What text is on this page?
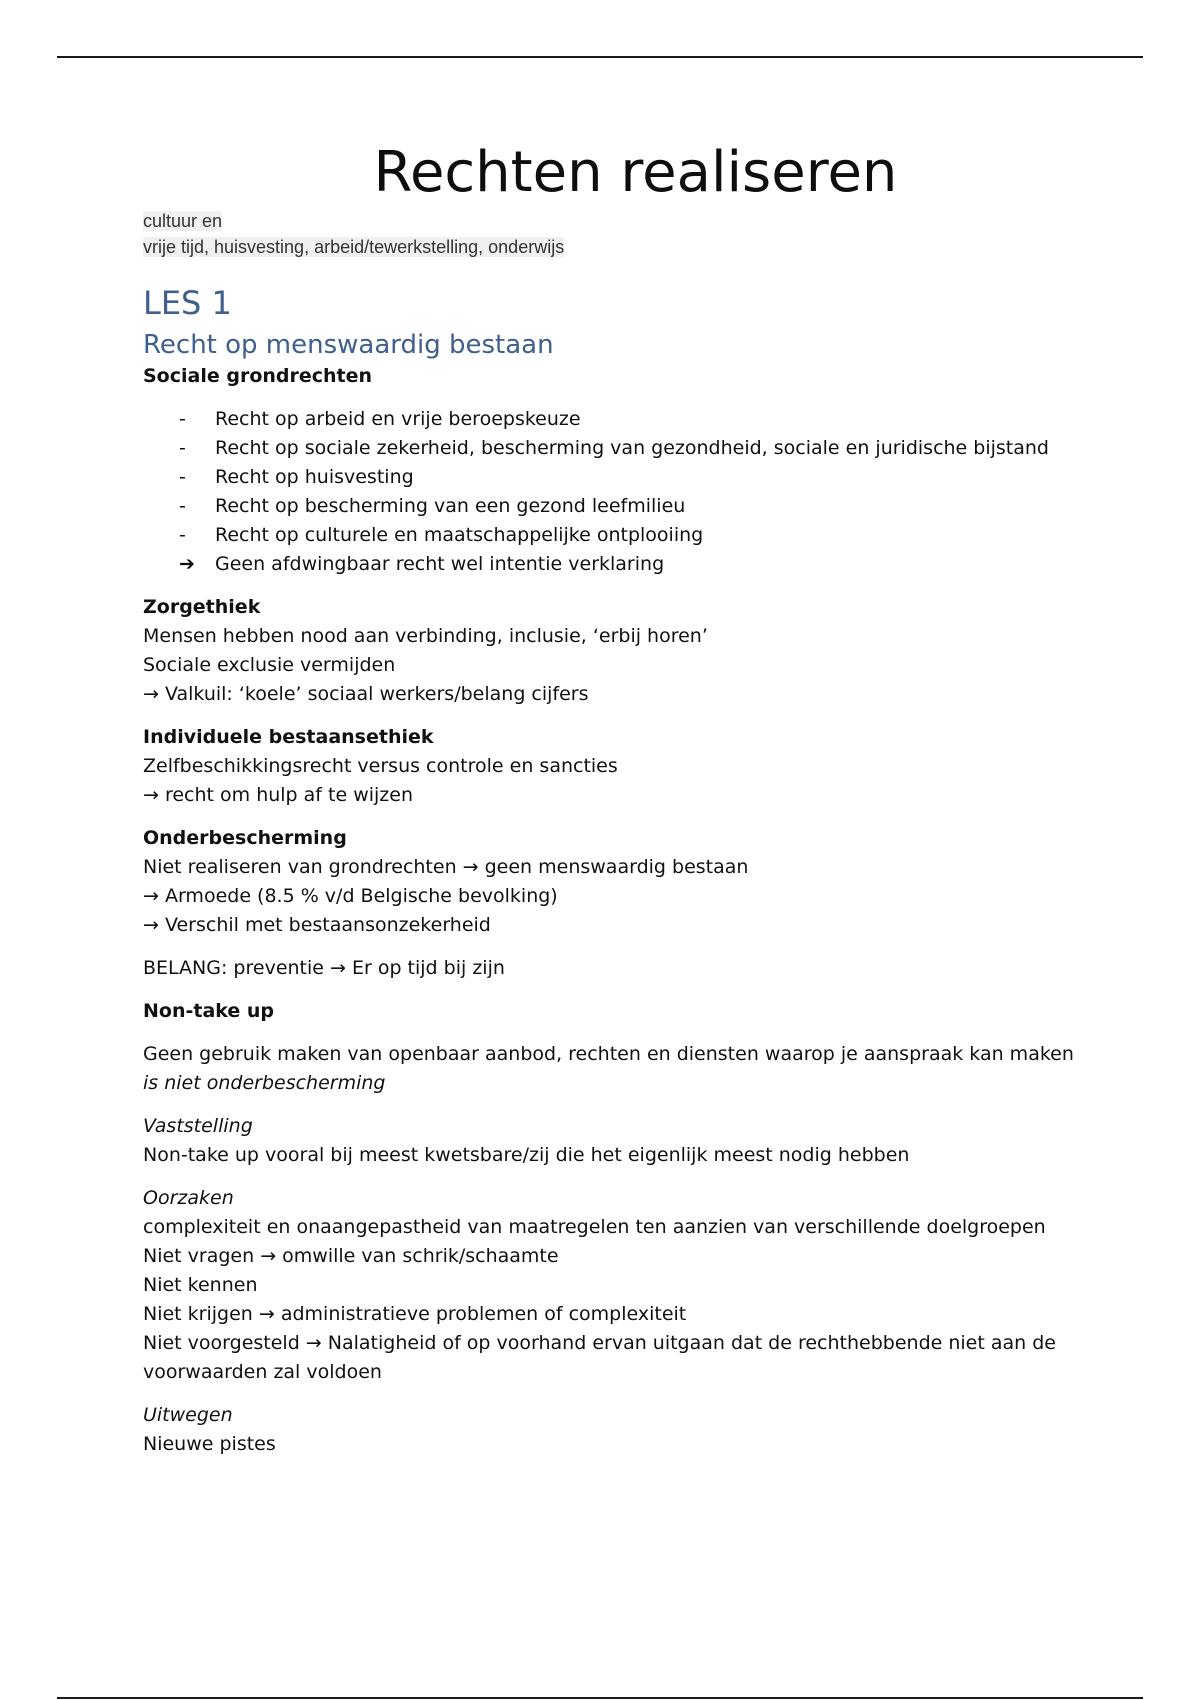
Rechten realiseren
cultuur en
vrije tijd, huisvesting, arbeid/tewerkstelling, onderwijs
LES 1
Recht op menswaardig bestaan

Sociale grondrechten

-	Recht op arbeid en vrije beroepskeuze
-	Recht op sociale zekerheid, bescherming van gezondheid, sociale en juridische bijstand
-	Recht op huisvesting
-	Recht op bescherming van een gezond leefmilieu
-	Recht op culturele en maatschappelijke ontplooiing
➔ Geen afdwingbaar recht wel intentie verklaring

Zorgethiek

Mensen hebben nood aan verbinding, inclusie, ‘erbij horen’

Sociale exclusie vermijden

→ Valkuil: ‘koele’ sociaal werkers/belang cijfers

Individuele bestaansethiek

Zelfbeschikkingsrecht versus controle en sancties

→ recht om hulp af te wijzen

Onderbescherming

Niet realiseren van grondrechten → geen menswaardig bestaan

→ Armoede (8.5 % v/d Belgische bevolking)

→ Verschil met bestaansonzekerheid

BELANG: preventie → Er op tijd bij zijn

Non-take up

Geen gebruik maken van openbaar aanbod, rechten en diensten waarop je aanspraak kan maken

is niet onderbescherming

Vaststelling

Non-take up vooral bij meest kwetsbare/zij die het eigenlijk meest nodig hebben

Oorzaken

complexiteit en onaangepastheid van maatregelen ten aanzien van verschillende doelgroepen

Niet vragen → omwille van schrik/schaamte

Niet kennen

Niet krijgen → administratieve problemen of complexiteit

Niet voorgesteld → Nalatigheid of op voorhand ervan uitgaan dat de rechthebbende niet aan de

voorwaarden zal voldoen

Uitwegen

Nieuwe pistes
